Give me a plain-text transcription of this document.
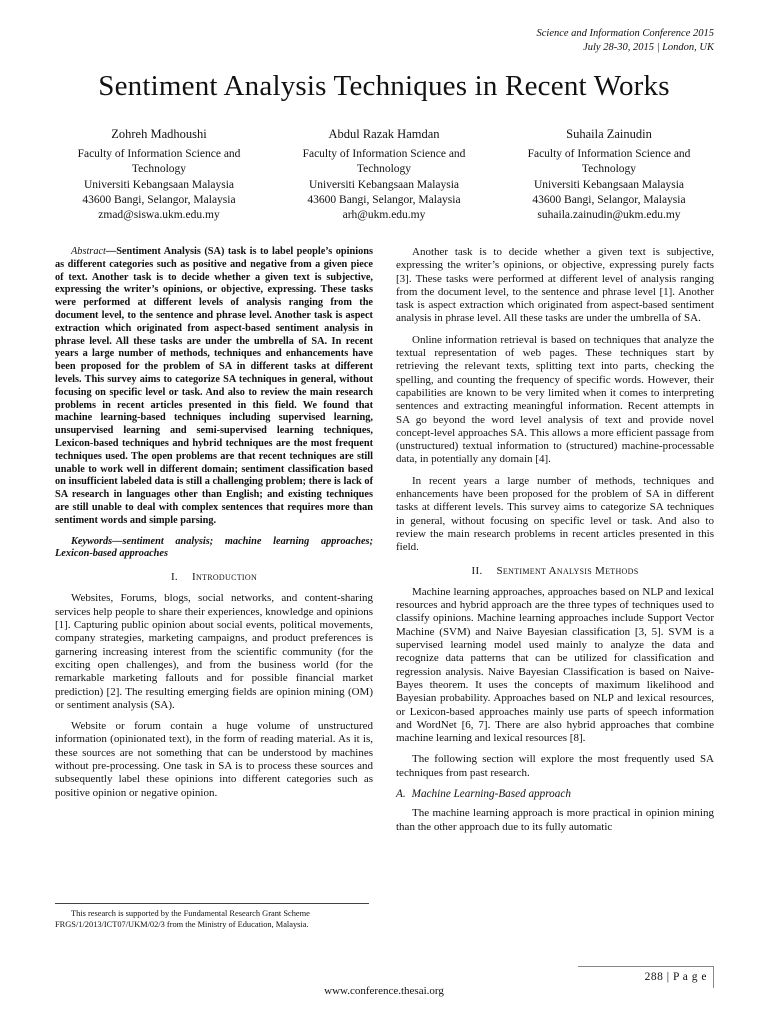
Science and Information Conference 2015
July 28-30, 2015 | London, UK
Sentiment Analysis Techniques in Recent Works
Zohreh Madhoushi
Faculty of Information Science and Technology
Universiti Kebangsaan Malaysia
43600 Bangi, Selangor, Malaysia
zmad@siswa.ukm.edu.my
Abdul Razak Hamdan
Faculty of Information Science and Technology
Universiti Kebangsaan Malaysia
43600 Bangi, Selangor, Malaysia
arh@ukm.edu.my
Suhaila Zainudin
Faculty of Information Science and Technology
Universiti Kebangsaan Malaysia
43600 Bangi, Selangor, Malaysia
suhaila.zainudin@ukm.edu.my

Abstract—Sentiment Analysis (SA) task is to label people’s opinions as different categories such as positive and negative from a given piece of text. Another task is to decide whether a given text is subjective, expressing the writer’s opinions, or objective, expressing. These tasks were performed at different levels of analysis ranging from the document level, to the sentence and phrase level. Another task is aspect extraction which originated from aspect-based sentiment analysis in phrase level. All these tasks are under the umbrella of SA. In recent years a large number of methods, techniques and enhancements have been proposed for the problem of SA in different tasks at different levels. This survey aims to categorize SA techniques in general, without focusing on specific level or task. And also to review the main research problems in recent articles presented in this field. We found that machine learning-based techniques including supervised learning, unsupervised learning and semi-supervised learning techniques, Lexicon-based techniques and hybrid techniques are the most frequent techniques used. The open problems are that recent techniques are still unable to work well in different domain; sentiment classification based on insufficient labeled data is still a challenging problem; there is lack of SA research in languages other than English; and existing techniques are still unable to deal with complex sentences that requires more than sentiment words and simple parsing.

Keywords—sentiment analysis; machine learning approaches; Lexicon-based approaches

I. Introduction

Websites, Forums, blogs, social networks, and content-sharing services help people to share their experiences, knowledge and opinions [1]. Capturing public opinion about social events, political movements, company strategies, marketing campaigns, and product preferences is garnering increasing interest from the scientific community (for the exciting open challenges), and from the business world (for the remarkable marketing fallouts and for possible financial market prediction) [2]. The resulting emerging fields are opinion mining (OM) or sentiment analysis (SA).

Website or forum contain a huge volume of unstructured information (opinionated text), in the form of reading material. As it is, these sources are not something that can be understood by machines without pre-processing. One task in SA is to process these sources and subsequently label these opinions into different categories such as positive opinion or negative opinion.

This research is supported by the Fundamental Research Grant Scheme FRGS/1/2013/ICT07/UKM/02/3 from the Ministry of Education, Malaysia.

Another task is to decide whether a given text is subjective, expressing the writer’s opinions, or objective, expressing purely facts [3]. These tasks were performed at different level of analysis ranging from the document level, to the sentence and phrase level [1]. Another task is aspect extraction which originated from aspect-based sentiment analysis in phrase level. All these tasks are under the umbrella of SA.

Online information retrieval is based on techniques that analyze the textual representation of web pages. These techniques start by retrieving the relevant texts, splitting text into parts, checking the spelling, and counting the frequency of specific words. However, their capabilities are known to be very limited when it comes to interpreting sentences and extracting meaningful information. Recent attempts in SA go beyond the word level analysis of text and provide novel concept-level approaches SA. This allows a more efficient passage from (unstructured) textual information to (structured) machine-processable data, in potentially any domain [4].

In recent years a large number of methods, techniques and enhancements have been proposed for the problem of SA in different tasks at different levels. This survey aims to categorize SA techniques in general, without focusing on specific level or task. And also to review the main research problems in recent articles presented in this field.

II. Sentiment Analysis Methods

Machine learning approaches, approaches based on NLP and lexical resources and hybrid approach are the three types of techniques used to classify opinions. Machine learning approaches include Support Vector Machine (SVM) and Naive Bayesian classification [3, 5]. SVM is a supervised learning model used mainly to analyze the data and recognize data patterns that can be utilized for classification and regression analysis. Naive Bayesian Classification is based on Naive-Bayes theorem. It uses the concepts of maximum likelihood and Bayesian probability. Approaches based on NLP and lexical resources, or Lexicon-based approaches mainly use parts of speech information and WordNet [6, 7]. There are also hybrid approaches that combine machine learning and lexical resources [8].

The following section will explore the most frequently used SA techniques from past research.

A. Machine Learning-Based approach

The machine learning approach is more practical in opinion mining than the other approach due to its fully automatic

288 | P a g e
www.conference.thesai.org
